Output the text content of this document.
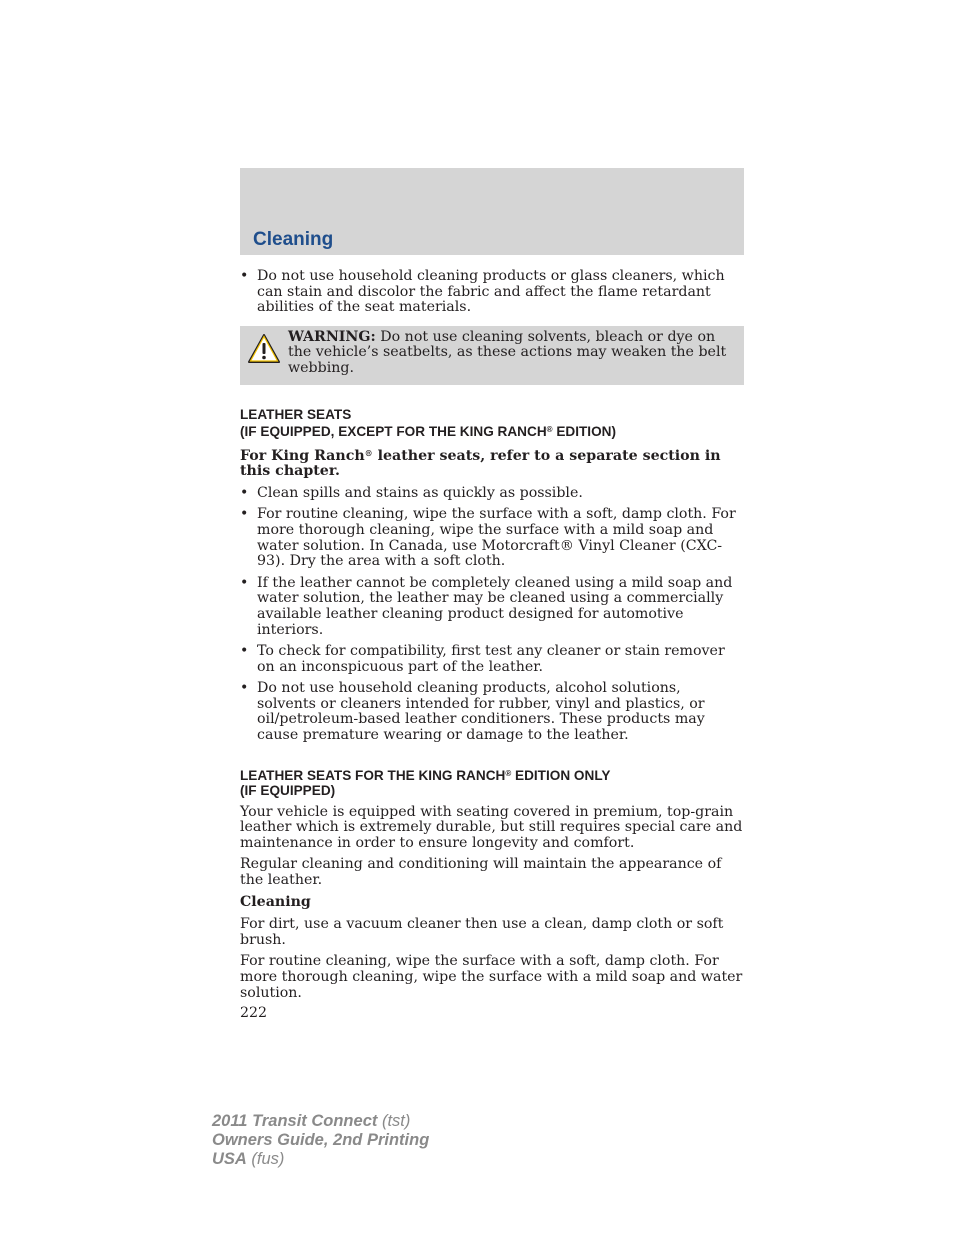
Cleaning
• Do not use household cleaning products or glass cleaners, which can stain and discolor the fabric and affect the flame retardant abilities of the seat materials.
WARNING: Do not use cleaning solvents, bleach or dye on the vehicle’s seatbelts, as these actions may weaken the belt webbing.
LEATHER SEATS
(IF EQUIPPED, EXCEPT FOR THE KING RANCH® EDITION)
For King Ranch® leather seats, refer to a separate section in this chapter.
• Clean spills and stains as quickly as possible.
• For routine cleaning, wipe the surface with a soft, damp cloth. For more thorough cleaning, wipe the surface with a mild soap and water solution. In Canada, use Motorcraft® Vinyl Cleaner (CXC-93). Dry the area with a soft cloth.
• If the leather cannot be completely cleaned using a mild soap and water solution, the leather may be cleaned using a commercially available leather cleaning product designed for automotive interiors.
• To check for compatibility, first test any cleaner or stain remover on an inconspicuous part of the leather.
• Do not use household cleaning products, alcohol solutions, solvents or cleaners intended for rubber, vinyl and plastics, or oil/petroleum-based leather conditioners. These products may cause premature wearing or damage to the leather.
LEATHER SEATS FOR THE KING RANCH® EDITION ONLY
(IF EQUIPPED)

Your vehicle is equipped with seating covered in premium, top-grain leather which is extremely durable, but still requires special care and maintenance in order to ensure longevity and comfort.

Regular cleaning and conditioning will maintain the appearance of the leather.

Cleaning

For dirt, use a vacuum cleaner then use a clean, damp cloth or soft brush.

For routine cleaning, wipe the surface with a soft, damp cloth. For more thorough cleaning, wipe the surface with a mild soap and water solution.

222
2011 Transit Connect (tst)
Owners Guide, 2nd Printing
USA (fus)
